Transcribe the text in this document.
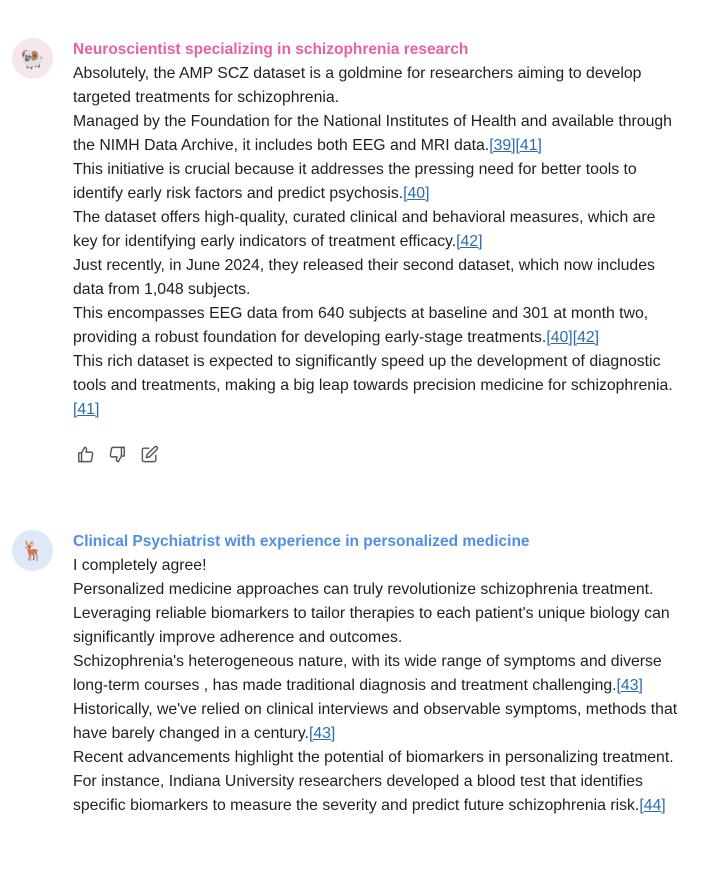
🐏	Neuroscientist specializing in schizophrenia research
Absolutely, the AMP SCZ dataset is a goldmine for researchers aiming to develop targeted treatments for schizophrenia.
Managed by the Foundation for the National Institutes of Health and available through the NIMH Data Archive, it includes both EEG and MRI data.[39][41]
This initiative is crucial because it addresses the pressing need for better tools to identify early risk factors and predict psychosis.[40]
The dataset offers high-quality, curated clinical and behavioral measures, which are key for identifying early indicators of treatment efficacy.[42]
Just recently, in June 2024, they released their second dataset, which now includes data from 1,048 subjects.
This encompasses EEG data from 640 subjects at baseline and 301 at month two, providing a robust foundation for developing early-stage treatments.[40][42]
This rich dataset is expected to significantly speed up the development of diagnostic tools and treatments, making a big leap towards precision medicine for schizophrenia.[41]
🦌	Clinical Psychiatrist with experience in personalized medicine
I completely agree!
Personalized medicine approaches can truly revolutionize schizophrenia treatment.
Leveraging reliable biomarkers to tailor therapies to each patient's unique biology can significantly improve adherence and outcomes.
Schizophrenia's heterogeneous nature, with its wide range of symptoms and diverse long-term courses , has made traditional diagnosis and treatment challenging.[43]
Historically, we've relied on clinical interviews and observable symptoms, methods that have barely changed in a century.[43]
Recent advancements highlight the potential of biomarkers in personalizing treatment.
For instance, Indiana University researchers developed a blood test that identifies specific biomarkers to measure the severity and predict future schizophrenia risk.[44]
